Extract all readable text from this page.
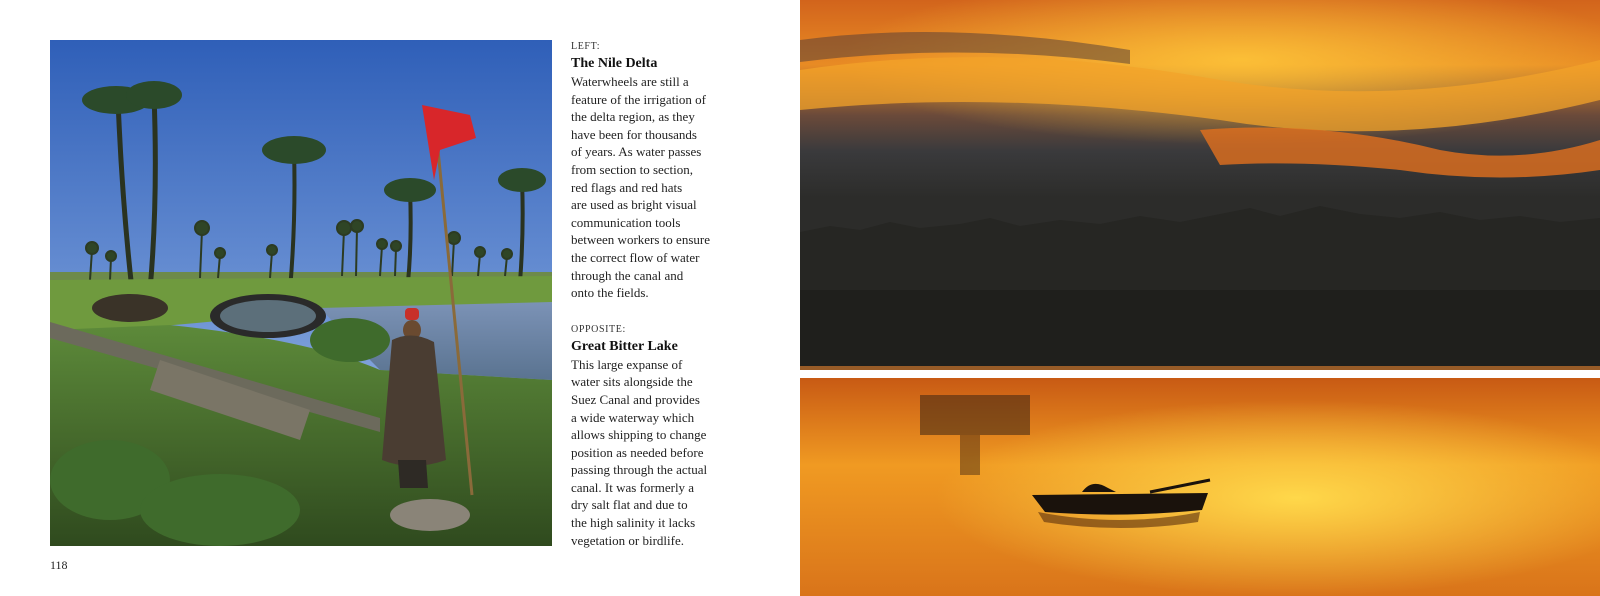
LEFT:
The Nile Delta
Waterwheels are still a
feature of the irrigation of
the delta region, as they
have been for thousands
of years. As water passes
from section to section,
red flags and red hats
are used as bright visual
communication tools
between workers to ensure
the correct flow of water
through the canal and
onto the fields.
OPPOSITE:
Great Bitter Lake
This large expanse of
water sits alongside the
Suez Canal and provides
a wide waterway which
allows shipping to change
position as needed before
passing through the actual
canal. It was formerly a
dry salt flat and due to
the high salinity it lacks
vegetation or birdlife.
118
